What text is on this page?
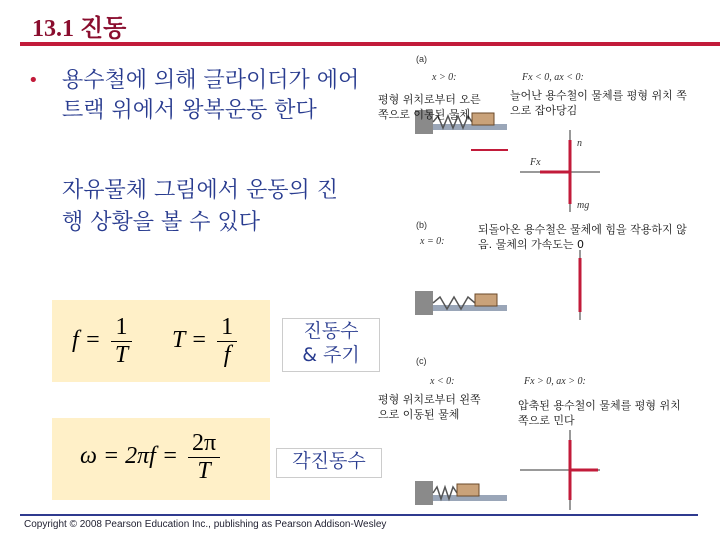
13.1 진동
• 용수철에 의해 글라이더가 에어트랙 위에서 왕복운동 한다
자유물체 그림에서 운동의 진행 상황을 볼 수 있다
$f = \frac{1}{T}$ $T = \frac{1}{f}$
$\omega = 2\pi f = \frac{2\pi}{T}$
진동수
& 주기
각진동수
(a)
x > 0:	Fx < 0, ax < 0:
평형 위치로부터 오른쪽으로 이동된 물체
늘어난 용수철이 물체를 평형 위치 쪽으로 잡아당김
Fx
n
mg
(b)
x = 0:
되돌아온 용수철은 물체에 힘을 작용하지 않음. 물체의 가속도는 0
(c)
x < 0:	Fx > 0, ax > 0:
평형 위치로부터 왼쪽으로 이동된 물체
압축된 용수철이 물체를 평형 위치 쪽으로 민다
Copyright © 2008 Pearson Education Inc., publishing as Pearson Addison-Wesley
